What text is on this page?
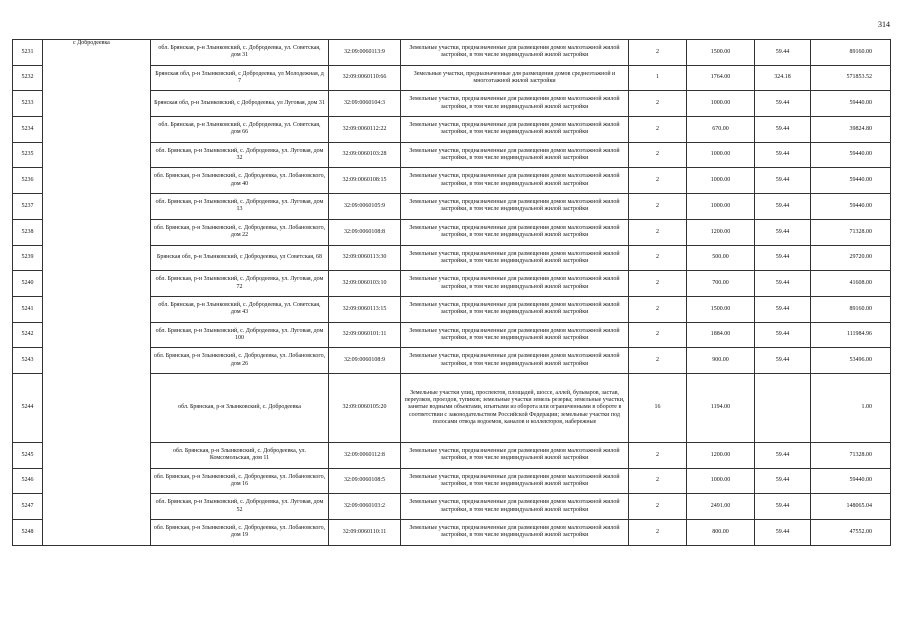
314
5231	с Добродеевка	обл. Брянская, р-н Злынковский, с. Добродеевка, ул. Советская, дом 31	32:09:0060113:9	Земельные участки, предназначенные для размещения домов малоэтажной жилой застройки, в том числе индивидуальной жилой застройки	2	1500.00	59.44	89160.00
5232		Брянская обл, р-н Злынковский, с Добродеевка, ул Молодежная, д 7	32:09:0060110:66	Земельные участки, предназначенные для размещения домов среднеэтажной и многоэтажной жилой застройки	1	1764.00	324.18	571853.52
5233		Брянская обл, р-н Злынковский, с Добродеевка, ул Луговая, дом 31	32:09:0060104:3	Земельные участки, предназначенные для размещения домов малоэтажной жилой застройки, в том числе индивидуальной жилой застройки	2	1000.00	59.44	59440.00
5234		обл. Брянская, р-н Злынковский, с. Добродеевка, ул. Советская, дом 66	32:09:0060112:22	Земельные участки, предназначенные для размещения домов малоэтажной жилой застройки, в том числе индивидуальной жилой застройки	2	670.00	59.44	39824.80
5235		обл. Брянская, р-н Злынковский, с. Добродеевка, ул. Луговая, дом 32	32:09:0060103:28	Земельные участки, предназначенные для размещения домов малоэтажной жилой застройки, в том числе индивидуальной жилой застройки	2	1000.00	59.44	59440.00
5236		обл. Брянская, р-н Злынковский, с. Добродеевка, ул. Лобановского, дом 40	32:09:0060108:15	Земельные участки, предназначенные для размещения домов малоэтажной жилой застройки, в том числе индивидуальной жилой застройки	2	1000.00	59.44	59440.00
5237		обл. Брянская, р-н Злынковский, с. Добродеевка, ул. Луговая, дом 13	32:09:0060105:9	Земельные участки, предназначенные для размещения домов малоэтажной жилой застройки, в том числе индивидуальной жилой застройки	2	1000.00	59.44	59440.00
5238		обл. Брянская, р-н Злынковский, с. Добродеевка, ул. Лобановского, дом 22	32:09:0060108:8	Земельные участки, предназначенные для размещения домов малоэтажной жилой застройки, в том числе индивидуальной жилой застройки	2	1200.00	59.44	71328.00
5239		Брянская обл, р-н Злынковский, с Добродеевка, ул Советская, 68	32:09:0060113:30	Земельные участки, предназначенные для размещения домов малоэтажной жилой застройки, в том числе индивидуальной жилой застройки	2	500.00	59.44	29720.00
5240		обл. Брянская, р-н Злынковский, с. Добродеевка, ул. Луговая, дом 72	32:09:0060103:10	Земельные участки, предназначенные для размещения домов малоэтажной жилой застройки, в том числе индивидуальной жилой застройки	2	700.00	59.44	41608.00
5241		обл. Брянская, р-н Злынковский, с. Добродеевка, ул. Советская, дом 43	32:09:0060113:15	Земельные участки, предназначенные для размещения домов малоэтажной жилой застройки, в том числе индивидуальной жилой застройки	2	1500.00	59.44	89160.00
5242		обл. Брянская, р-н Злынковский, с. Добродеевка, ул. Луговая, дом 100	32:09:0060101:11	Земельные участки, предназначенные для размещения домов малоэтажной жилой застройки, в том числе индивидуальной жилой застройки	2	1884.00	59.44	111984.96
5243		обл. Брянская, р-н Злынковский, с. Добродеевка, ул. Лобановского, дом 26	32:09:0060108:9	Земельные участки, предназначенные для размещения домов малоэтажной жилой застройки, в том числе индивидуальной жилой застройки	2	900.00	59.44	53496.00
5244		обл. Брянская, р-н Злынковский, с. Добродеевка	32:09:0060105:20	Земельные участки улиц, проспектов, площадей, шоссе, аллей, бульваров, застав, переулков, проездов, тупиков; земельные участки земель резерва; земельные участки, занятые водными объектами, изъятыми из оборота или ограниченными в обороте в соответствии с законодательством Российской Федерации; земельные участки под полосами отвода водоемов, каналов и коллекторов, набережные	16	1194.00		1.00
5245		обл. Брянская, р-н Злынковский, с. Добродеевка, ул. Комсомольская, дом 11	32:09:0060112:8	Земельные участки, предназначенные для размещения домов малоэтажной жилой застройки, в том числе индивидуальной жилой застройки	2	1200.00	59.44	71328.00
5246		обл. Брянская, р-н Злынковский, с. Добродеевка, ул. Лобановского, дом 16	32:09:0060108:5	Земельные участки, предназначенные для размещения домов малоэтажной жилой застройки, в том числе индивидуальной жилой застройки	2	1000.00	59.44	59440.00
5247		обл. Брянская, р-н Злынковский, с. Добродеевка, ул. Луговая, дом 52	32:09:0060103:2	Земельные участки, предназначенные для размещения домов малоэтажной жилой застройки, в том числе индивидуальной жилой застройки	2	2491.00	59.44	148065.04
5248		обл. Брянская, р-н Злынковский, с. Добродеевка, ул. Лобановского, дом 19	32:09:0060110:11	Земельные участки, предназначенные для размещения домов малоэтажной жилой застройки, в том числе индивидуальной жилой застройки	2	800.00	59.44	47552.00
